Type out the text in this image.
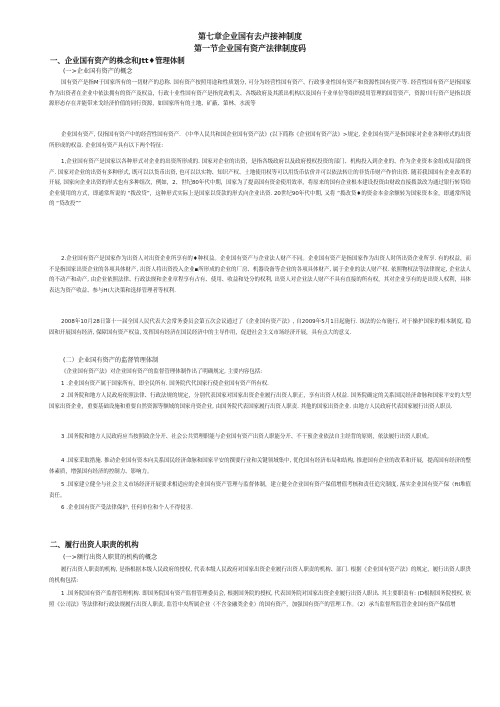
第七章企业国有去卢接神制度
第一节企业国有资产法律制度码
一、企业国有资产的株念和Jtt♦管理体制
(一>企业国有资产的概念

国有资产是指M于国家所有的一切财产的总称. 国有资产按照用途和性质划分, 可分为经营性国有资产、行政事业性国有资产和资源性国有资产等. 经营性国有资产是指国家作为出资者在企业中依法拥有的资产及权益，行政十业性国有资产是指党政机关、各级政府及其派出机构以及国有千业单位等组织使用管理的国管资产，资源!川行资产是指以资源形态存在并能带来戈经济价值的同行资源，如国家所有的土地、矿蔽、第林、水流等

企业国有资产, 仅指国有资产中的经营性国有资产. 《中华人民共和国企业国有资产法》(以下简称《企业国有资产法》>规定, 企业国有资产是指国家对企业各种形式的出资所形成的权益. 企业国有资产具有以下两个特征:

1,企业国有资产是国家以各种形式对企业的出资所形成的. 国家对企业的出资，是指各级政府以及政府授权投资的部门、机构投入到企业的、作为企业资本金组成局部的资产. 国家对企业的出资有多种形式, 既可以以货币出资, 也可以以实物、知识产权、土地使用权等可以用货币估价并可以依法转让的非货币财产作价出资. 随若我国国有企业改革的开展, 国家向企业出资的形式也有多种组次，例如，2、世纪80年代中期，国家为了提高国有资金使用效率，将原来的国有企业根本建设投资由财政直接拨款改为通过银行转贷给企业使用的方式，即通常所说的 “拨改贷”，这种形式实际上是国家以贷款的形式向企业出资. 20世纪90年代中期, 又将 “拨改贷♦的资金本金余额转为国家资本金，即通常所说的 “贷改投””

2.企业国有资产是国家作为出资人对出资企业所享有的♦种权益。企业国有资产与企业法人财产不同。企业国有资产是指国家作为出资人时所出资企业所享. 有的权益，而不是指国家出资企业的各项具体财产, 出资人将出资投入企业▪所形成的企业的厂房、机器设备等企业的各项具体财产, 属于企业的法人财产权. 依照物权法等法律规定, 企业法人的不动产和动产, 由企业依照法律、行政法规和企业章程享有占有、使用、收益和处分的权利, 出资人对企业法人财产不具有直接的所有权，其对企业享有的是出资人权利，具体表达为资产收益、参与Hi大决策和选择管理者等权利.

2008年10月28日第十一届全国人民代表大会常务委员会第五次会议通过了《企业国有资产法》, 自2009年5月1日起施行. 该法的公布施行, 对于操护国家的根本制度, 稳固和开展国有经济, 保障国有资产权益, 发挥国有经济在国民经济中的主导作用，促进社会主义市场经济开展，具有点大的意义.

(二）企业国有资产的监督管理体制

《企业国有资产法》对企业国有资产的监督管理体制作出了明确规定, 主要内容包括:

1 .企业国有资产属于国家所有，即全民所有. 国务院代代国家行使企业国有资产所有权.

2 .国务院和地方人民政府依照法律、行政法规的规定，分别代表国家对国家出资企业履行出资人职正，享有出资人权益. 国务院确定的关系国民经济命脉和国家平安的大型国家出资企业，重要基础设施和重要自然资源等额域的国家舟资企业, 由国务院代表国家履行出资人职责. 其他的国家出资企业. 由地方人民政府代表国家履行出资人职员.

3 .国务院和地方人民政府应当按照政企分开、社会公共贸理职能与企业国有资产出资人职能分开、不干预企业依法自主经背的原则，依法履行出资人职成。

4 .国家采取措施. 推动企业国有资本向关系国民经济命脉和国家平安的撰要行业和关键领域集中, 优化国有经济布局和结构, 推进国有企业的改革和开展，提高国有经济的整体素质，增强国有经济的控制力、影响力。

5 .国家建立健全与社会主义市场经济开展要求相适应的企业国有资产管理与监督体制，建立健全企业国有资产保值增值考核和责任追究制度, 落实企业国有资产保（ftl堆值责任。

6 .企业国有资产受法律保护, 任何单位和个人不得侵害.

二、履行出资人职责的机构
(一>额行出资人职贯的机构的概念

履行出资人职责的机构, 是指根据本级人民政府的授权, 代表本级人民政府对国家出资企业履行出资人职责的机构、部门. 根据《企业国有资产法》的规定，履行出资人职贵的机构包括:

1 .国务院国有资产监督管理机构. 即国务院国有资产监督管理委员会, 根据国务院的授权, 代表国务院对国家出资企业履行出资人职出. 其主要职责有: (D根据国务院授权, 依照《公司法》等法律和行政法规履行出资人职责, 监管中央所属企业（不含金融类企业）的国有资产，加强国有资产的管理工作。（2）承当监督所监管企业国有资产保值增
